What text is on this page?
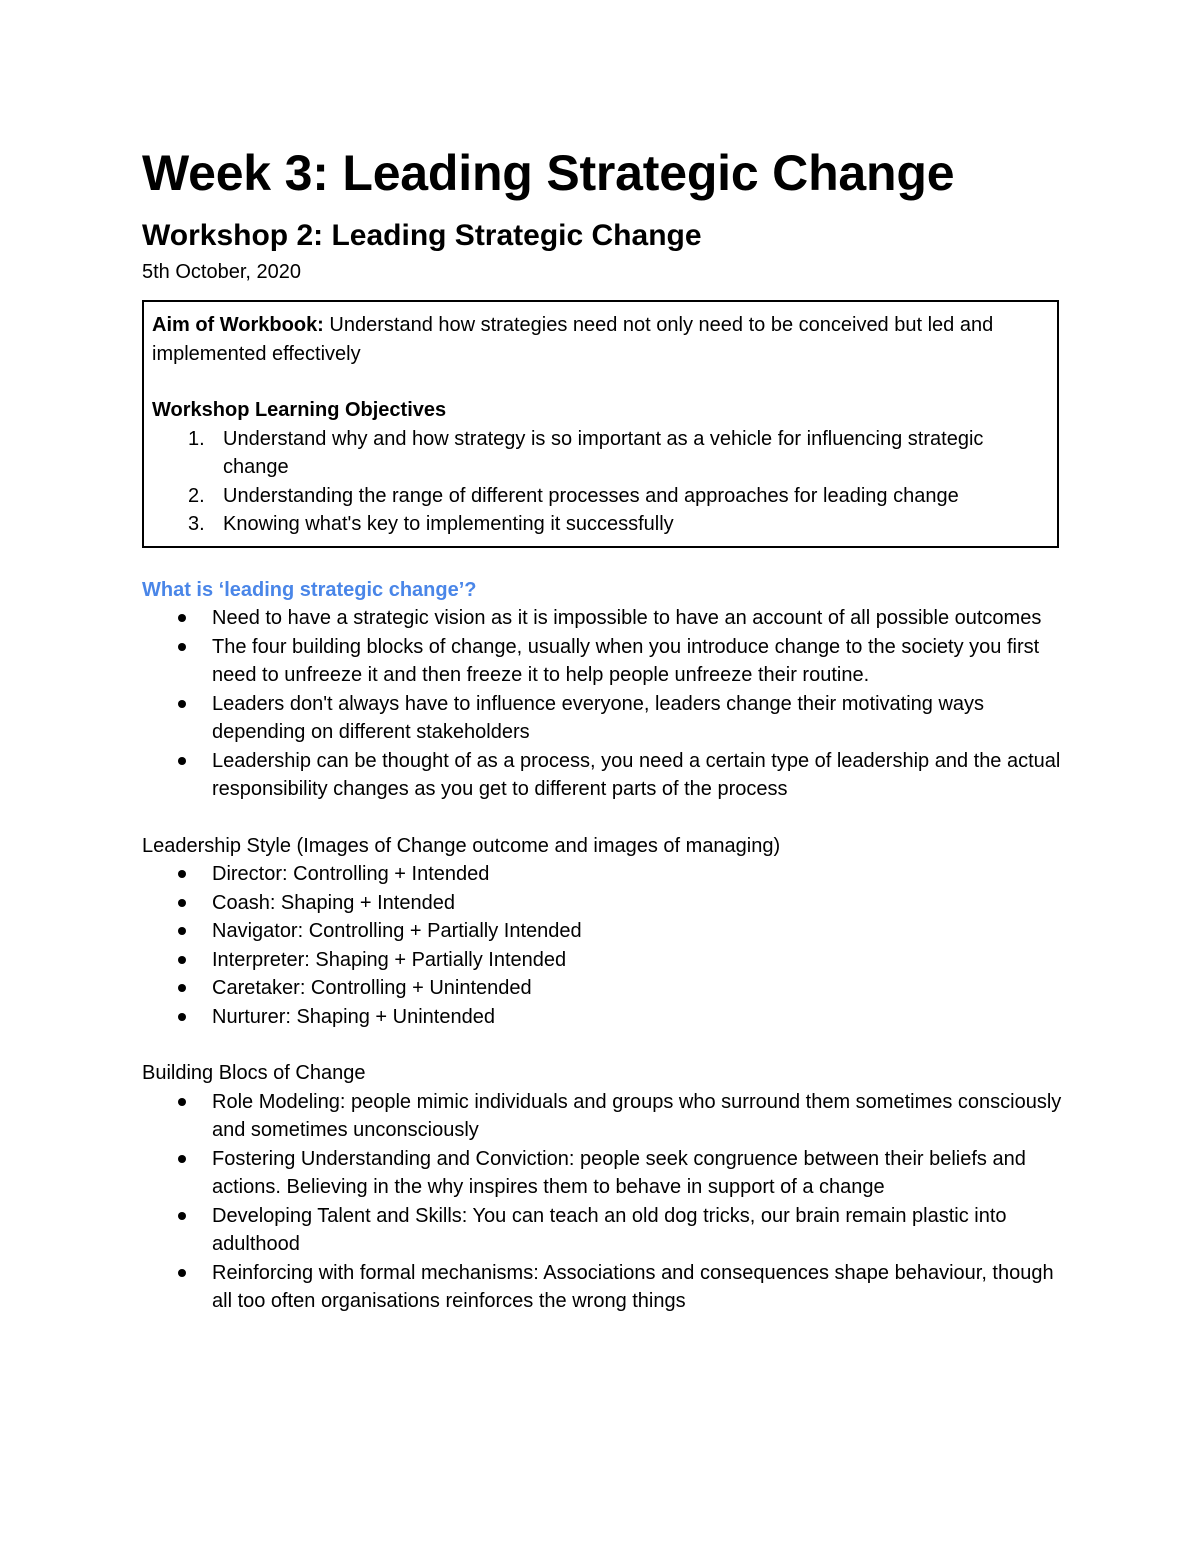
Week 3: Leading Strategic Change
Workshop 2: Leading Strategic Change

5th October, 2020

Aim of Workbook: Understand how strategies need not only need to be conceived but led and implemented effectively

Workshop Learning Objectives

1. Understand why and how strategy is so important as a vehicle for influencing strategic change
2. Understanding the range of different processes and approaches for leading change
3. Knowing what's key to implementing it successfully

What is ‘leading strategic change’?

Need to have a strategic vision as it is impossible to have an account of all possible outcomes
The four building blocks of change, usually when you introduce change to the society you first need to unfreeze it and then freeze it to help people unfreeze their routine.
Leaders don't always have to influence everyone, leaders change their motivating ways depending on different stakeholders
Leadership can be thought of as a process, you need a certain type of leadership and the actual responsibility changes as you get to different parts of the process

Leadership Style (Images of Change outcome and images of managing)

Director: Controlling + Intended
Coash: Shaping + Intended
Navigator: Controlling + Partially Intended
Interpreter: Shaping + Partially Intended
Caretaker: Controlling + Unintended
Nurturer: Shaping + Unintended

Building Blocs of Change

Role Modeling: people mimic individuals and groups who surround them sometimes consciously and sometimes unconsciously
Fostering Understanding and Conviction: people seek congruence between their beliefs and actions. Believing in the why inspires them to behave in support of a change
Developing Talent and Skills: You can teach an old dog tricks, our brain remain plastic into adulthood
Reinforcing with formal mechanisms: Associations and consequences shape behaviour, though all too often organisations reinforces the wrong things
